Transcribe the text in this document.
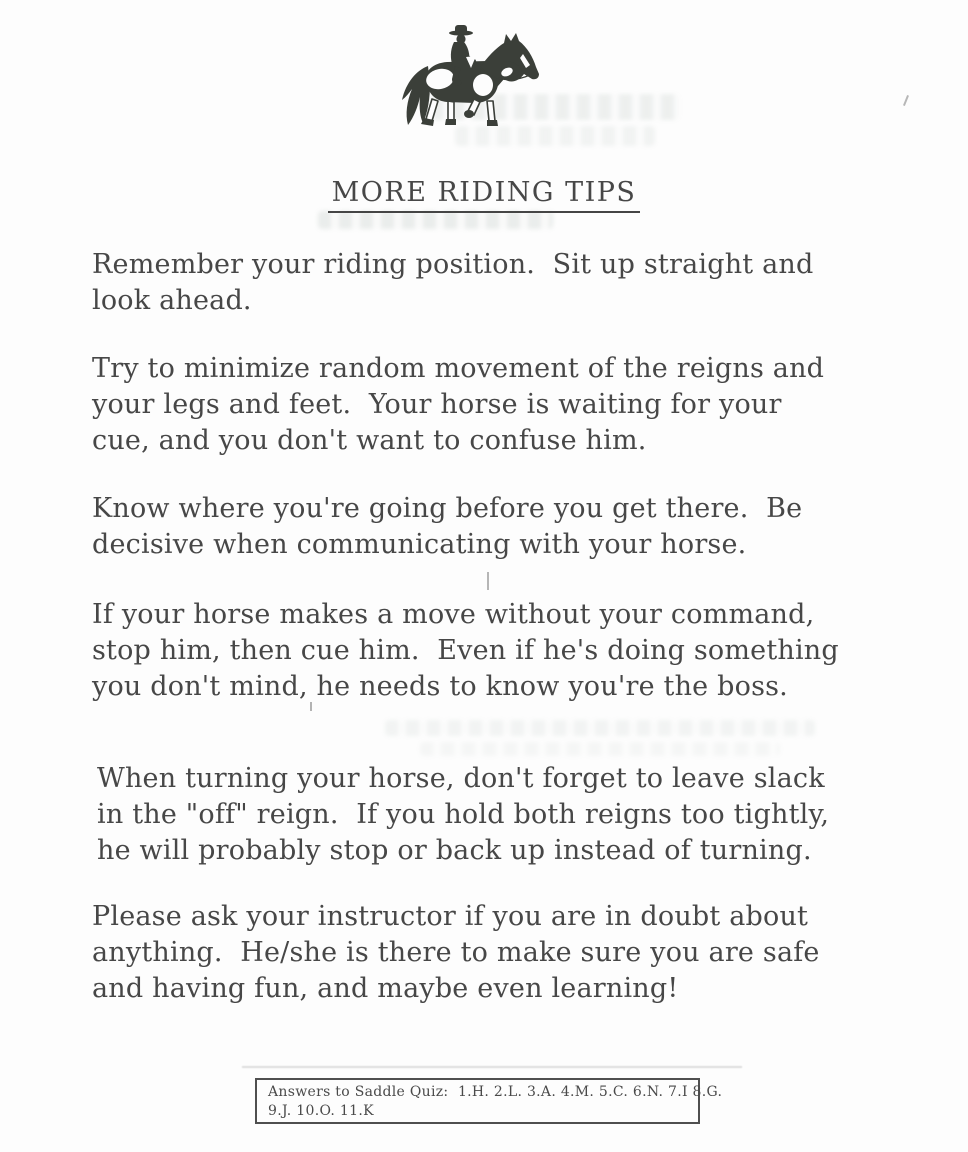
MORE RIDING TIPS
Remember your riding position.  Sit up straight and
look ahead.
Try to minimize random movement of the reigns and
your legs and feet.  Your horse is waiting for your
cue, and you don't want to confuse him.
Know where you're going before you get there.  Be
decisive when communicating with your horse.
If your horse makes a move without your command,
stop him, then cue him.  Even if he's doing something
you don't mind, he needs to know you're the boss.
When turning your horse, don't forget to leave slack
in the "off" reign.  If you hold both reigns too tightly,
he will probably stop or back up instead of turning.
Please ask your instructor if you are in doubt about
anything.  He/she is there to make sure you are safe
and having fun, and maybe even learning!
Answers to Saddle Quiz:  1.H. 2.L. 3.A. 4.M. 5.C. 6.N. 7.I 8.G.
9.J. 10.O. 11.K
